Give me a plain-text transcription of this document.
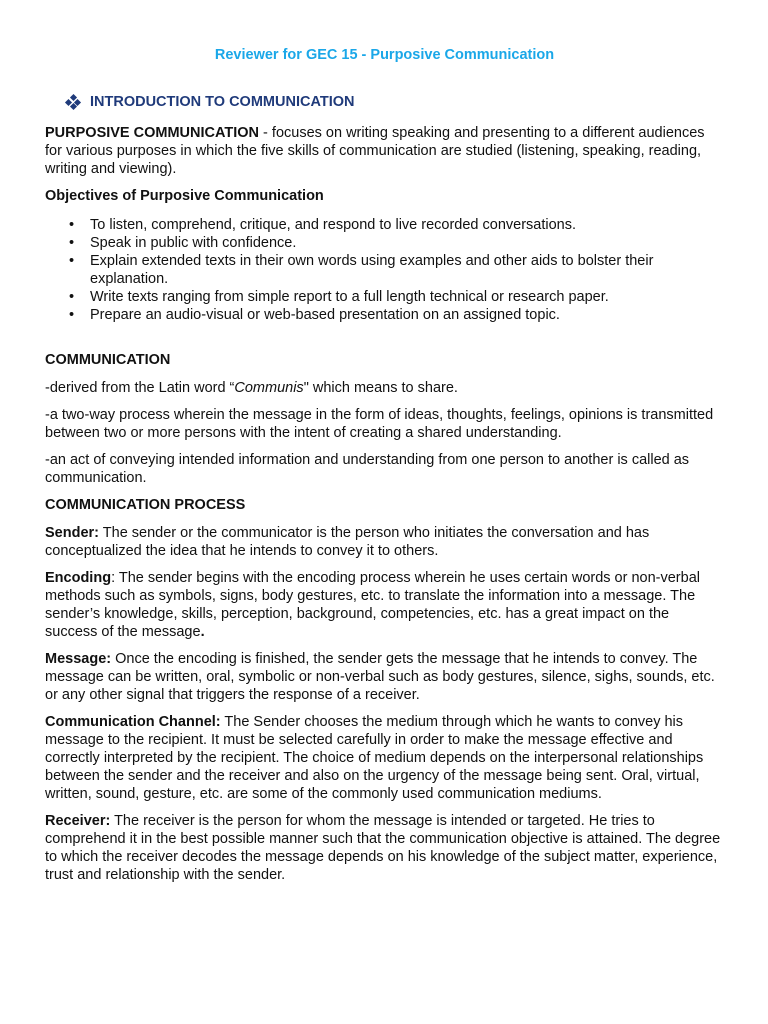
Reviewer for GEC 15 - Purposive Communication
INTRODUCTION TO COMMUNICATION

PURPOSIVE COMMUNICATION - focuses on writing speaking and presenting to a different audiences for various purposes in which the five skills of communication are studied (listening, speaking, reading, writing and viewing).

Objectives of Purposive Communication
• To listen, comprehend, critique, and respond to live recorded conversations.
• Speak in public with confidence.
• Explain extended texts in their own words using examples and other aids to bolster their explanation.
• Write texts ranging from simple report to a full length technical or research paper.
• Prepare an audio-visual or web-based presentation on an assigned topic.
COMMUNICATION

-derived from the Latin word “Communis" which means to share.

-a two-way process wherein the message in the form of ideas, thoughts, feelings, opinions is transmitted between two or more persons with the intent of creating a shared understanding.

-an act of conveying intended information and understanding from one person to another is called as communication.

COMMUNICATION PROCESS

Sender: The sender or the communicator is the person who initiates the conversation and has conceptualized the idea that he intends to convey it to others.

Encoding: The sender begins with the encoding process wherein he uses certain words or non-verbal methods such as symbols, signs, body gestures, etc. to translate the information into a message. The sender’s knowledge, skills, perception, background, competencies, etc. has a great impact on the success of the message.

Message: Once the encoding is finished, the sender gets the message that he intends to convey. The message can be written, oral, symbolic or non-verbal such as body gestures, silence, sighs, sounds, etc. or any other signal that triggers the response of a receiver.

Communication Channel: The Sender chooses the medium through which he wants to convey his message to the recipient. It must be selected carefully in order to make the message effective and correctly interpreted by the recipient. The choice of medium depends on the interpersonal relationships between the sender and the receiver and also on the urgency of the message being sent. Oral, virtual, written, sound, gesture, etc. are some of the commonly used communication mediums.

Receiver: The receiver is the person for whom the message is intended or targeted. He tries to comprehend it in the best possible manner such that the communication objective is attained. The degree to which the receiver decodes the message depends on his knowledge of the subject matter, experience, trust and relationship with the sender.
